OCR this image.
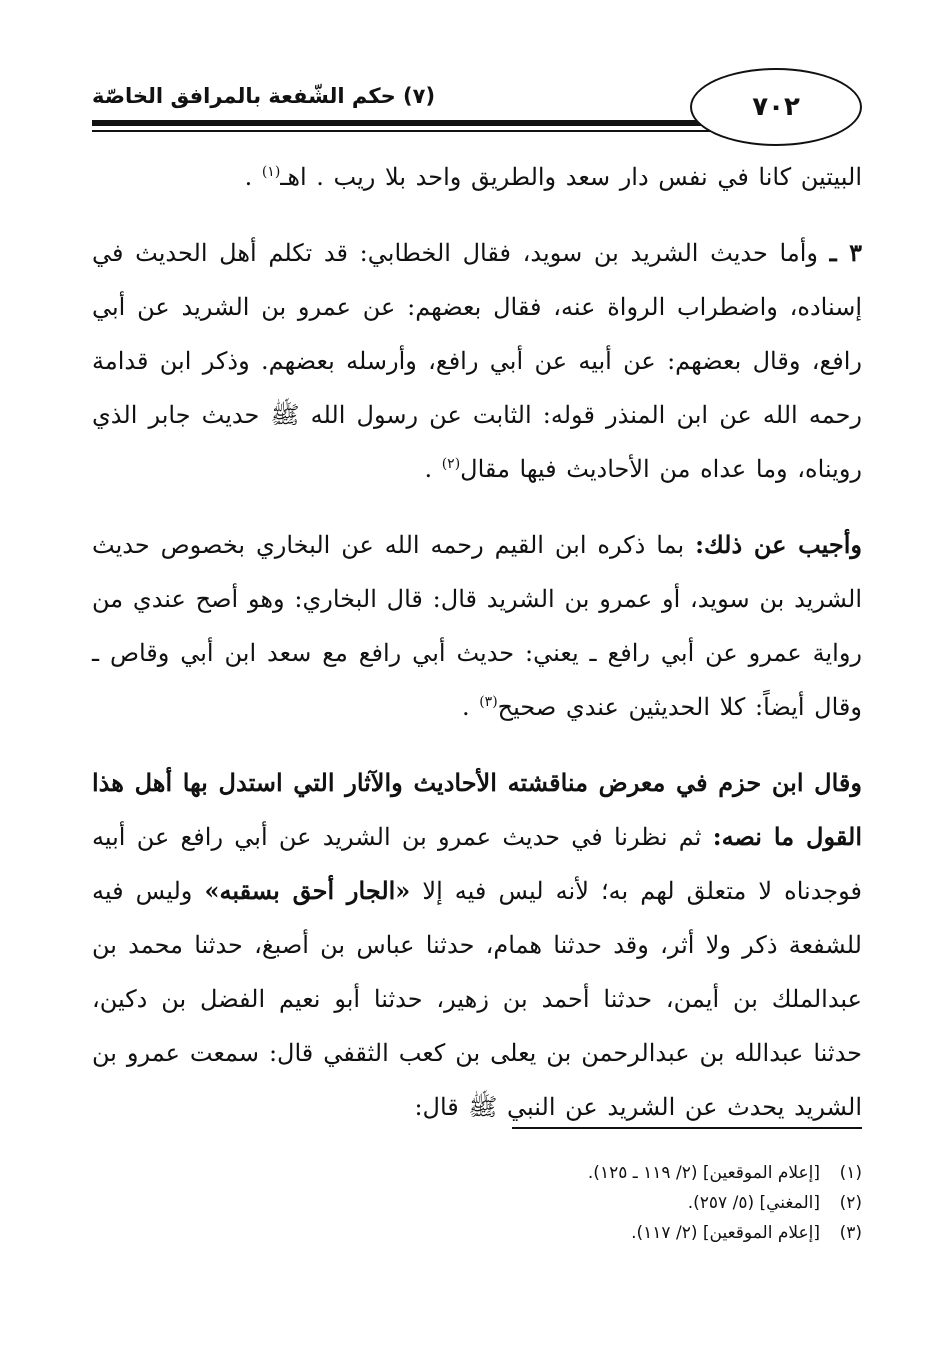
٧٠٢
(٧) حكم الشّفعة بالمرافق الخاصّة

البيتين كانا في نفس دار سعد والطريق واحد بلا ريب . اهـ$^{(١)}$ .

٣ ـ وأما حديث الشريد بن سويد، فقال الخطابي: قد تكلم أهل الحديث في إسناده، واضطراب الرواة عنه، فقال بعضهم: عن عمرو بن الشريد عن أبي رافع، وقال بعضهم: عن أبيه عن أبي رافع، وأرسله بعضهم. وذكر ابن قدامة رحمه الله عن ابن المنذر قوله: الثابت عن رسول الله ﷺ حديث جابر الذي رويناه، وما عداه من الأحاديث فيها مقال$^{(٢)}$ .

وأجيب عن ذلك: بما ذكره ابن القيم رحمه الله عن البخاري بخصوص حديث الشريد بن سويد، أو عمرو بن الشريد قال: قال البخاري: وهو أصح عندي من رواية عمرو عن أبي رافع ـ يعني: حديث أبي رافع مع سعد ابن أبي وقاص ـ وقال أيضاً: كلا الحديثين عندي صحيح$^{(٣)}$ .

وقال ابن حزم في معرض مناقشته الأحاديث والآثار التي استدل بها أهل هذا القول ما نصه: ثم نظرنا في حديث عمرو بن الشريد عن أبي رافع عن أبيه فوجدناه لا متعلق لهم به؛ لأنه ليس فيه إلا «الجار أحق بسقبه» وليس فيه للشفعة ذكر ولا أثر، وقد حدثنا همام، حدثنا عباس بن أصبغ، حدثنا محمد بن عبدالملك بن أيمن، حدثنا أحمد بن زهير، حدثنا أبو نعيم الفضل بن دكين، حدثنا عبدالله بن عبدالرحمن بن يعلى بن كعب الثقفي قال: سمعت عمرو بن الشريد يحدث عن الشريد عن النبي ﷺ قال:

(١)
[إعلام الموقعين] (٢/ ١١٩ ـ ١٢٥).
(٢)
[المغني] (٥/ ٢٥٧).
(٣)
[إعلام الموقعين] (٢/ ١١٧).
